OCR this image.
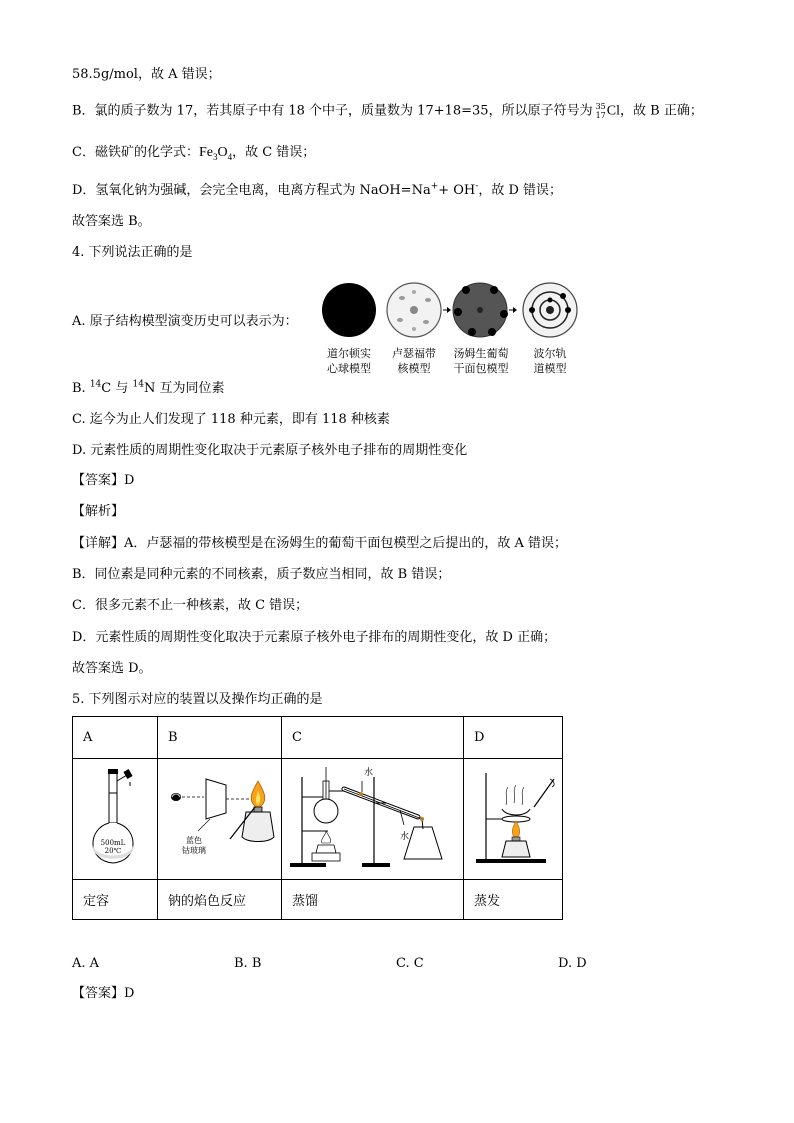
58.5g/mol，故 A 错误；
B．氯的质子数为 17，若其原子中有 18 个中子，质量数为 17+18=35，所以原子符号为 35
17 Cl，故 B 正确；
C．磁铁矿的化学式：$Fe_3O_4$，故 C 错误；
D．氢氧化钠为强碱，会完全电离，电离方程式为 NaOH=Na++ OH-，故 D 错误；
故答案选 B。
4. 下列说法正确的是
A. 原子结构模型演变历史可以表示为：
道尔顿实
心球模型
卢瑟福带
核模型
汤姆生葡萄
干面包模型
波尔轨
道模型
B. $^{14}$C 与 $^{14}$N 互为同位素
C. 迄今为止人们发现了 118 种元素，即有 118 种核素
D. 元素性质的周期性变化取决于元素原子核外电子排布的周期性变化
【答案】D
【解析】
【详解】A．卢瑟福的带核模型是在汤姆生的葡萄干面包模型之后提出的，故 A 错误；
B．同位素是同种元素的不同核素，质子数应当相同，故 B 错误；
C．很多元素不止一种核素，故 C 错误；
D．元素性质的周期性变化取决于元素原子核外电子排布的周期性变化，故 D 正确；
故答案选 D。
5. 下列图示对应的装置以及操作均正确的是
A	B	C	D

500mL
20℃	蓝色
钴玻璃	水
水

定容	钠的焰色反应	蒸馏	蒸发
A. A	B. B	C. C	D. D
【答案】D
